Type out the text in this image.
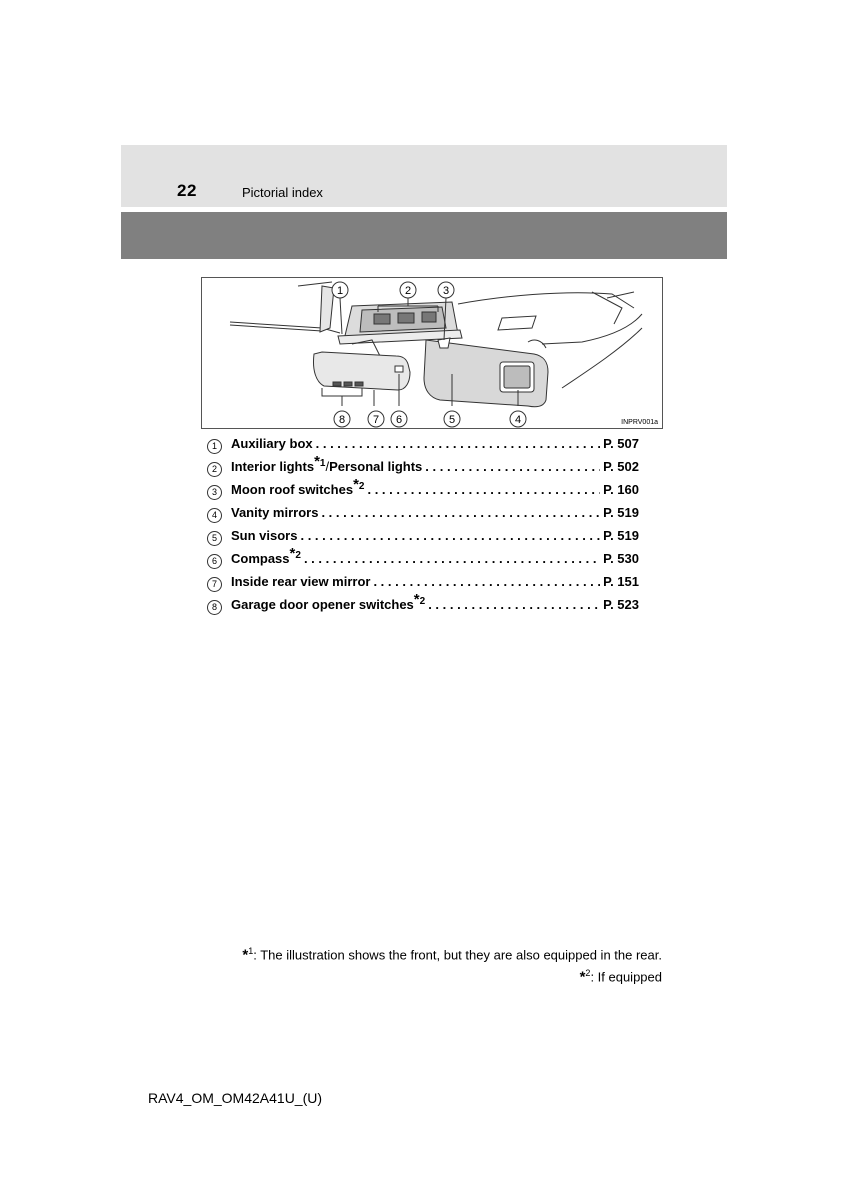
22	Pictorial index
1	2	3
4
5
6
7
8	INPRV001a
1	Auxiliary box . . .	P. 507
2	Interior lights$^{*1}$/Personal lights . . .	P. 502
3	Moon roof switches$^{*2}$ . . .	P. 160
4	Vanity mirrors . . .	P. 519
5	Sun visors . . .	P. 519
6	Compass$^{*2}$ . . .	P. 530
7	Inside rear view mirror . . .	P. 151
8	Garage door opener switches$^{*2}$ . . .	P. 523
*$^1$: The illustration shows the front, but they are also equipped in the rear.
*$^2$: If equipped
RAV4_OM_OM42A41U_(U)
